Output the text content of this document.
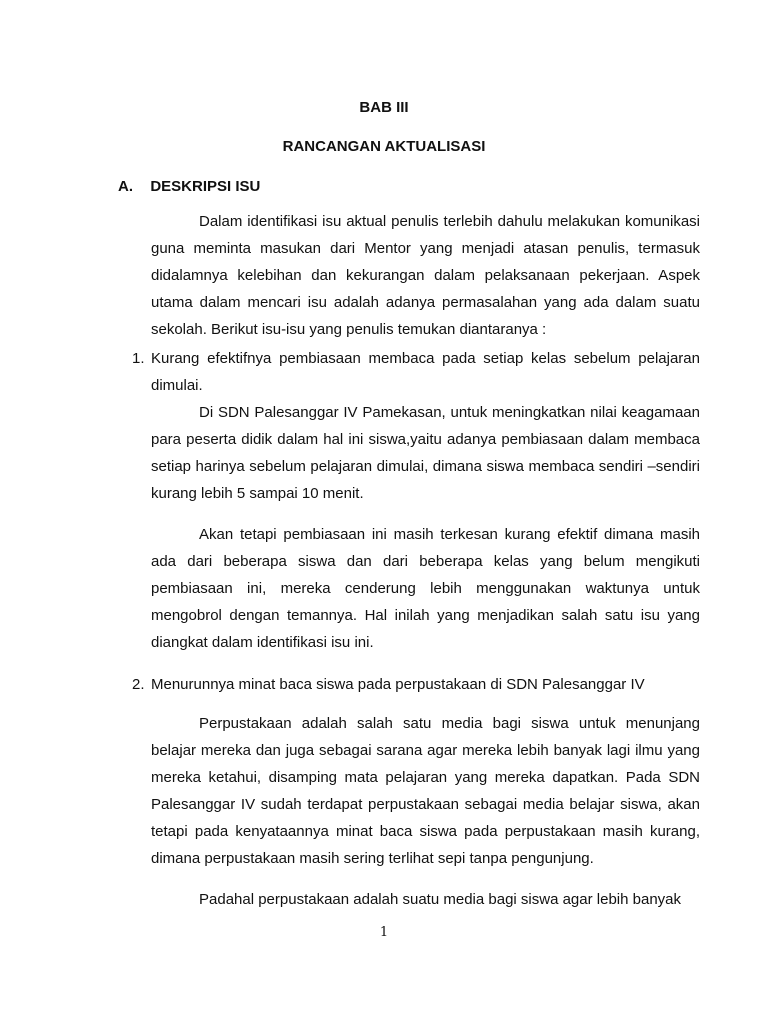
BAB III
RANCANGAN AKTUALISASI
A. DESKRIPSI ISU

Dalam identifikasi isu aktual penulis terlebih dahulu melakukan komunikasi guna meminta masukan dari Mentor yang menjadi atasan penulis, termasuk didalamnya kelebihan dan kekurangan dalam pelaksanaan pekerjaan. Aspek utama dalam mencari isu adalah adanya permasalahan yang ada dalam suatu sekolah. Berikut isu-isu yang penulis temukan diantaranya :

1. Kurang efektifnya pembiasaan membaca pada setiap kelas sebelum pelajaran dimulai.

Di SDN Palesanggar IV Pamekasan, untuk meningkatkan nilai keagamaan para peserta didik dalam hal ini siswa,yaitu adanya pembiasaan dalam membaca setiap harinya sebelum pelajaran dimulai, dimana siswa membaca sendiri –sendiri kurang lebih 5 sampai 10 menit.

Akan tetapi pembiasaan ini masih terkesan kurang efektif dimana masih ada dari beberapa siswa dan dari beberapa kelas yang belum mengikuti pembiasaan ini, mereka cenderung lebih menggunakan waktunya untuk mengobrol dengan temannya. Hal inilah yang menjadikan salah satu isu yang diangkat dalam identifikasi isu ini.

2. Menurunnya minat baca siswa pada perpustakaan di SDN Palesanggar IV

Perpustakaan adalah salah satu media bagi siswa untuk menunjang belajar mereka dan juga sebagai sarana agar mereka lebih banyak lagi ilmu yang mereka ketahui, disamping mata pelajaran yang mereka dapatkan. Pada SDN Palesanggar IV sudah terdapat perpustakaan sebagai media belajar siswa, akan tetapi pada kenyataannya minat baca siswa pada perpustakaan masih kurang, dimana perpustakaan masih sering terlihat sepi tanpa pengunjung.

Padahal perpustakaan adalah suatu media bagi siswa agar lebih banyak

1
